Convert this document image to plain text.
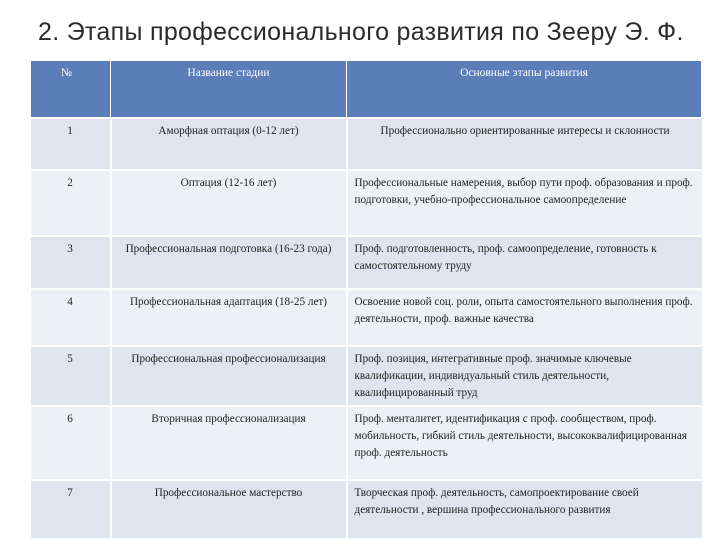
2. Этапы профессионального развития по Зееру Э. Ф.
№	Название стадии	Основные этапы развития
1	Аморфная оптация (0-12 лет)	Профессионально ориентированные интересы и склонности
2	Оптация (12-16 лет)	Профессиональные намерения, выбор пути проф. образования и проф. подготовки, учебно-профессиональное самоопределение
3	Профессиональная подготовка (16-23 года)	Проф. подготовленность, проф. самоопределение, готовность к самостоятельному труду
4	Профессиональная адаптация (18-25 лет)	Освоение новой соц. роли, опыта самостоятельного выполнения проф. деятельности, проф. важные качества
5	Профессиональная профессионализация	Проф. позиция, интегративные проф. значимые ключевые квалификации, индивидуальный стиль деятельности, квалифицированный труд
6	Вторичная профессионализация	Проф. менталитет, идентификация с проф. сообществом, проф. мобильность, гибкий стиль деятельности, высококвалифицированная проф. деятельность
7	Профессиональное мастерство	Творческая проф. деятельность, самопроектирование своей деятельности , вершина профессионального развития
